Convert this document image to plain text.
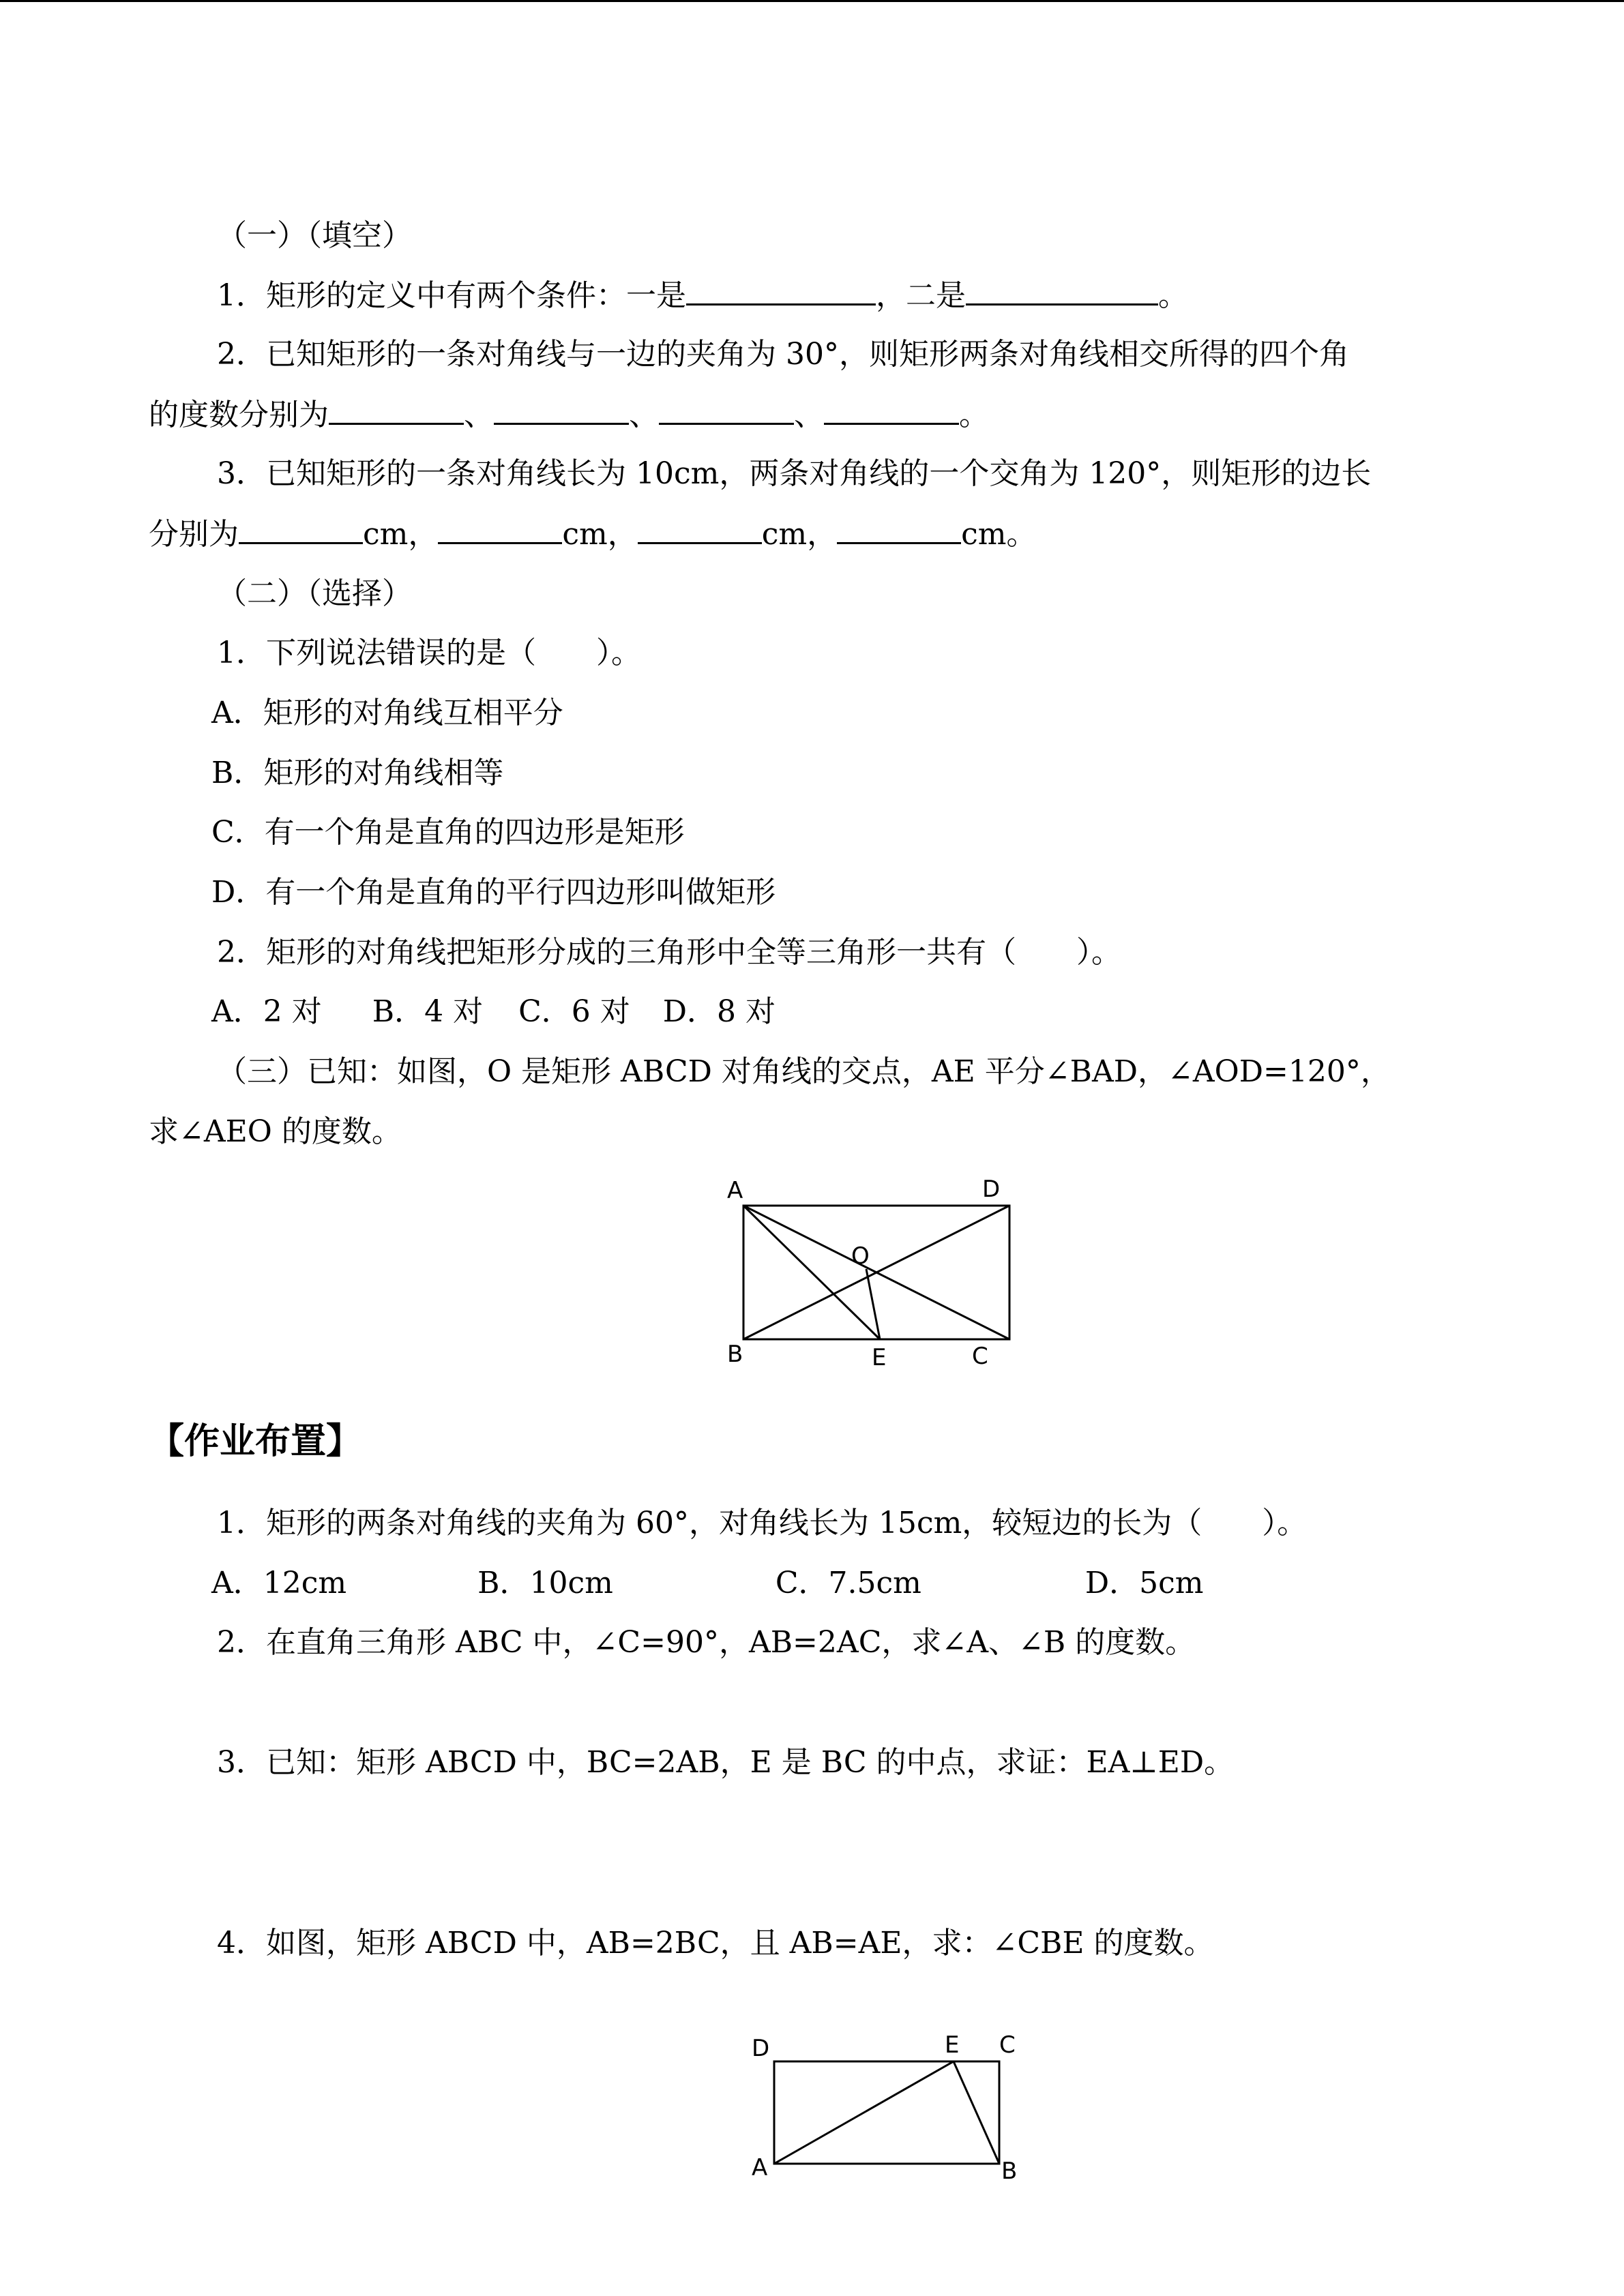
（一）（填空）
1．矩形的定义中有两个条件：一是	，二是	。
2．已知矩形的一条对角线与一边的夹角为 30°，则矩形两条对角线相交所得的四个角
的度数分别为	、	、	、	。
3．已知矩形的一条对角线长为 10cm，两条对角线的一个交角为 120°，则矩形的边长
分别为	cm，	cm，	cm，	cm。
（二）（选择）
1．下列说法错误的是（　　）。
A．矩形的对角线互相平分
B．矩形的对角线相等
C．有一个角是直角的四边形是矩形
D．有一个角是直角的平行四边形叫做矩形
2．矩形的对角线把矩形分成的三角形中全等三角形一共有（　　）。
A．2 对 B．4 对 C．6 对 D．8 对
（三）已知：如图，O 是矩形 ABCD 对角线的交点，AE 平分∠BAD，∠AOD=120°，
求∠AEO 的度数。
A
B	C
D
O
E
【作业布置】
1．矩形的两条对角线的夹角为 60°，对角线长为 15cm，较短边的长为（　　）。
A．12cm	B．10cm	C．7.5cm	D．5cm
2．在直角三角形 ABC 中，∠C=90°，AB=2AC，求∠A、∠B 的度数。
3．已知：矩形 ABCD 中，BC=2AB，E 是 BC 的中点，求证：EA⊥ED。
4．如图，矩形 ABCD 中，AB=2BC，且 AB=AE，求：∠CBE 的度数。
D
A
E C
B
